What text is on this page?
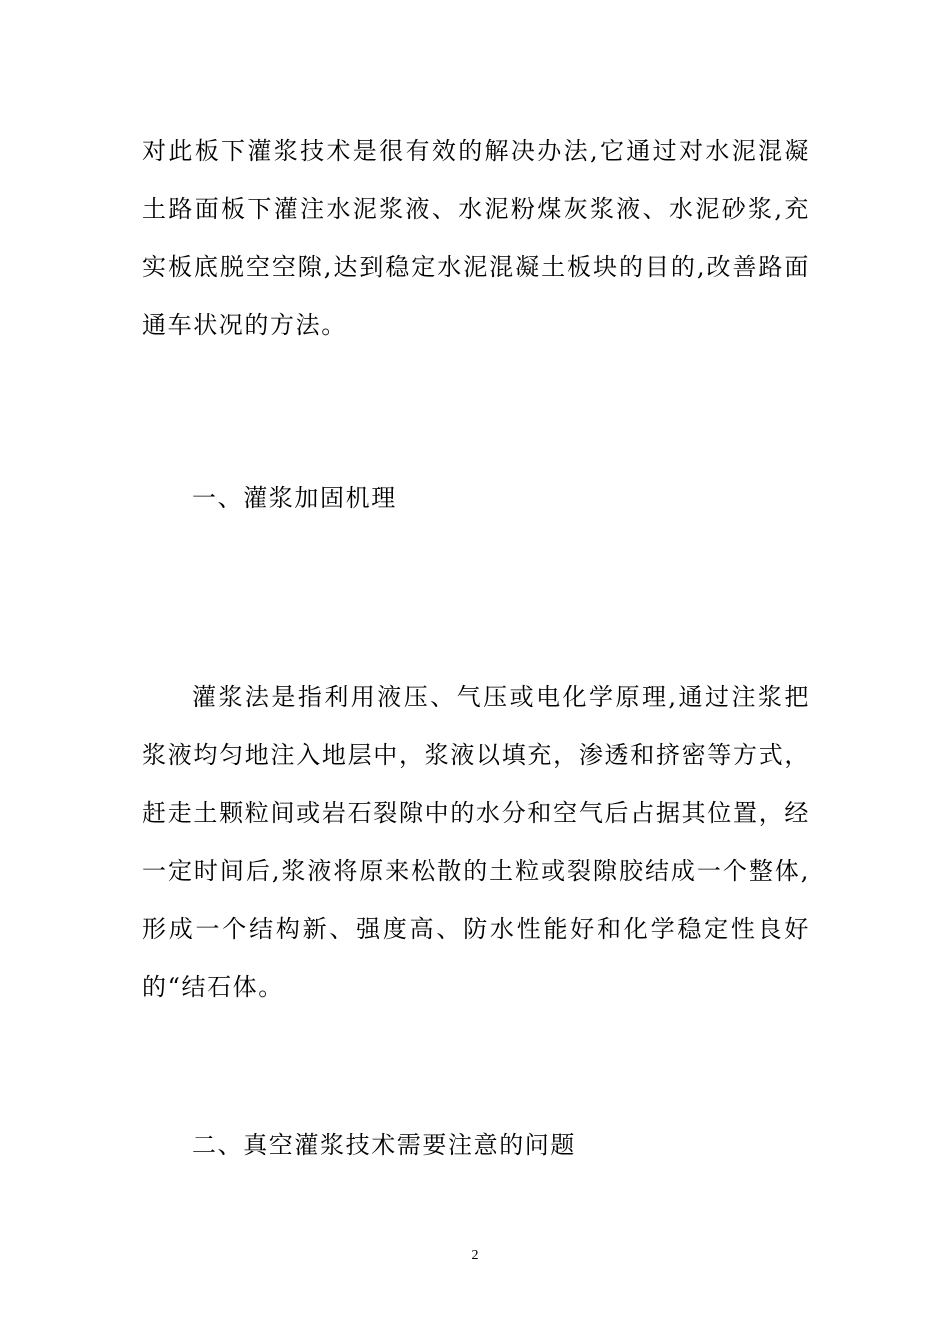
对此板下灌浆技术是很有效的解决办法,它通过对水泥混凝土路面板下灌注水泥浆液、水泥粉煤灰浆液、水泥砂浆,充实板底脱空空隙,达到稳定水泥混凝土板块的目的,改善路面通车状况的方法。

一、灌浆加固机理

灌浆法是指利用液压、气压或电化学原理,通过注浆把浆液均匀地注入地层中，浆液以填充，渗透和挤密等方式，赶走土颗粒间或岩石裂隙中的水分和空气后占据其位置，经一定时间后,浆液将原来松散的土粒或裂隙胶结成一个整体,形成一个结构新、强度高、防水性能好和化学稳定性良好的“结石体。

二、真空灌浆技术需要注意的问题

2
